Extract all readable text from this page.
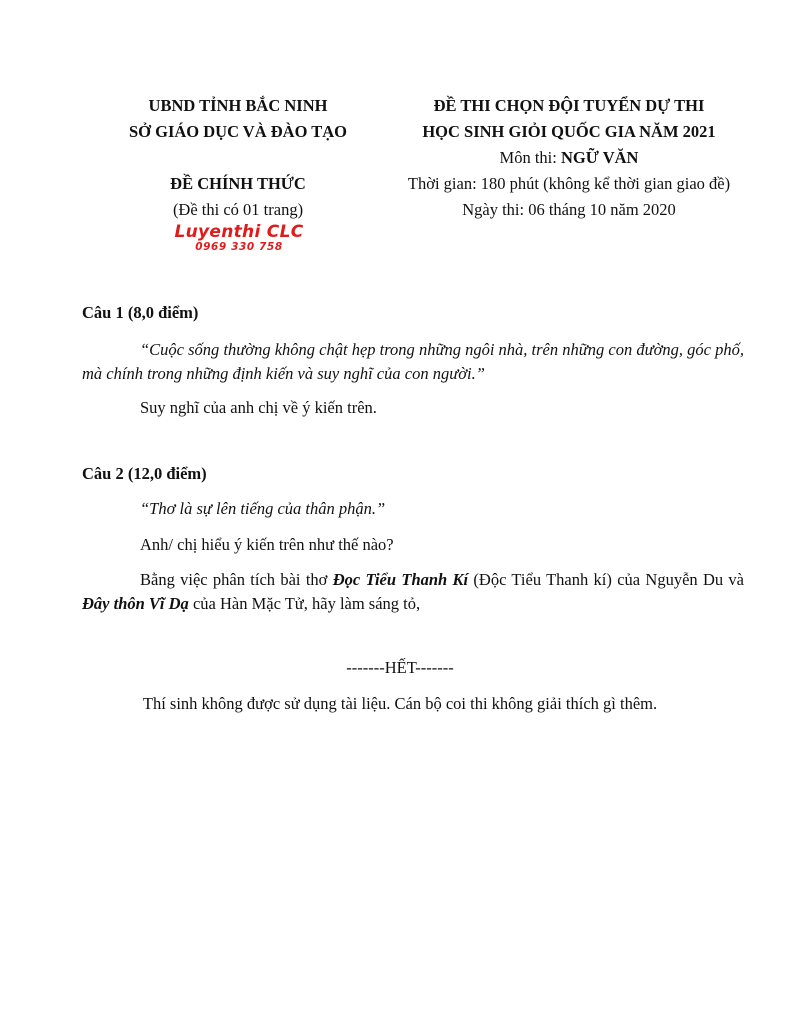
UBND TỈNH BẮC NINH
SỞ GIÁO DỤC VÀ ĐÀO TẠO
ĐỀ CHÍNH THỨC
(Đề thi có 01 trang)
Luyenthi CLC
0969 330 758
ĐỀ THI CHỌN ĐỘI TUYỂN DỰ THI
HỌC SINH GIỎI QUỐC GIA NĂM 2021
Môn thi: NGỮ VĂN
Thời gian: 180 phút (không kể thời gian giao đề)
Ngày thi: 06 tháng 10 năm 2020
Câu 1 (8,0 điểm)
“Cuộc sống thường không chật hẹp trong những ngôi nhà, trên những con đường, góc phố, mà chính trong những định kiến và suy nghĩ của con người.”
Suy nghĩ của anh chị về ý kiến trên.
Câu 2 (12,0 điểm)
“Thơ là sự lên tiếng của thân phận.”
Anh/ chị hiểu ý kiến trên như thế nào?
Bằng việc phân tích bài thơ Đọc Tiểu Thanh Kí (Độc Tiểu Thanh kí) của Nguyễn Du và Đây thôn Vĩ Dạ của Hàn Mặc Tử, hãy làm sáng tỏ,
-------HẾT-------
Thí sinh không được sử dụng tài liệu. Cán bộ coi thi không giải thích gì thêm.
